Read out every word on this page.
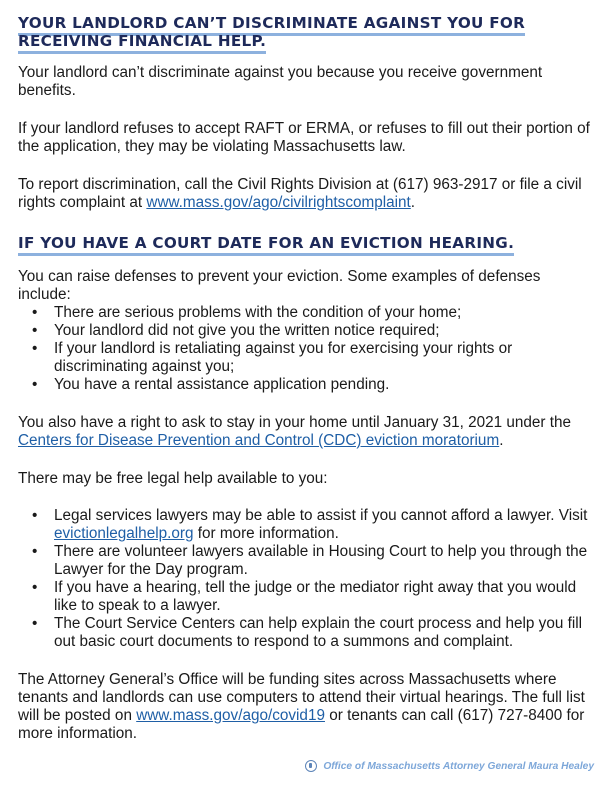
YOUR LANDLORD CAN’T DISCRIMINATE AGAINST YOU FOR
RECEIVING FINANCIAL HELP.

Your landlord can’t discriminate against you because you receive government benefits.

If your landlord refuses to accept RAFT or ERMA, or refuses to fill out their portion of the application, they may be violating Massachusetts law.

To report discrimination, call the Civil Rights Division at (617) 963-2917 or file a civil rights complaint at www.mass.gov/ago/civilrightscomplaint.

IF YOU HAVE A COURT DATE FOR AN EVICTION HEARING.

You can raise defenses to prevent your eviction. Some examples of defenses include:

• There are serious problems with the condition of your home;
• Your landlord did not give you the written notice required;
• If your landlord is retaliating against you for exercising your rights or discriminating against you;
• You have a rental assistance application pending.

You also have a right to ask to stay in your home until January 31, 2021 under the Centers for Disease Prevention and Control (CDC) eviction moratorium.

There may be free legal help available to you:

• Legal services lawyers may be able to assist if you cannot afford a lawyer. Visit evictionlegalhelp.org for more information.
• There are volunteer lawyers available in Housing Court to help you through the Lawyer for the Day program.
• If you have a hearing, tell the judge or the mediator right away that you would like to speak to a lawyer.
• The Court Service Centers can help explain the court process and help you fill out basic court documents to respond to a summons and complaint.

The Attorney General’s Office will be funding sites across Massachusetts where tenants and landlords can use computers to attend their virtual hearings. The full list will be posted on www.mass.gov/ago/covid19 or tenants can call (617) 727-8400 for more information.

Office of Massachusetts Attorney General Maura Healey
